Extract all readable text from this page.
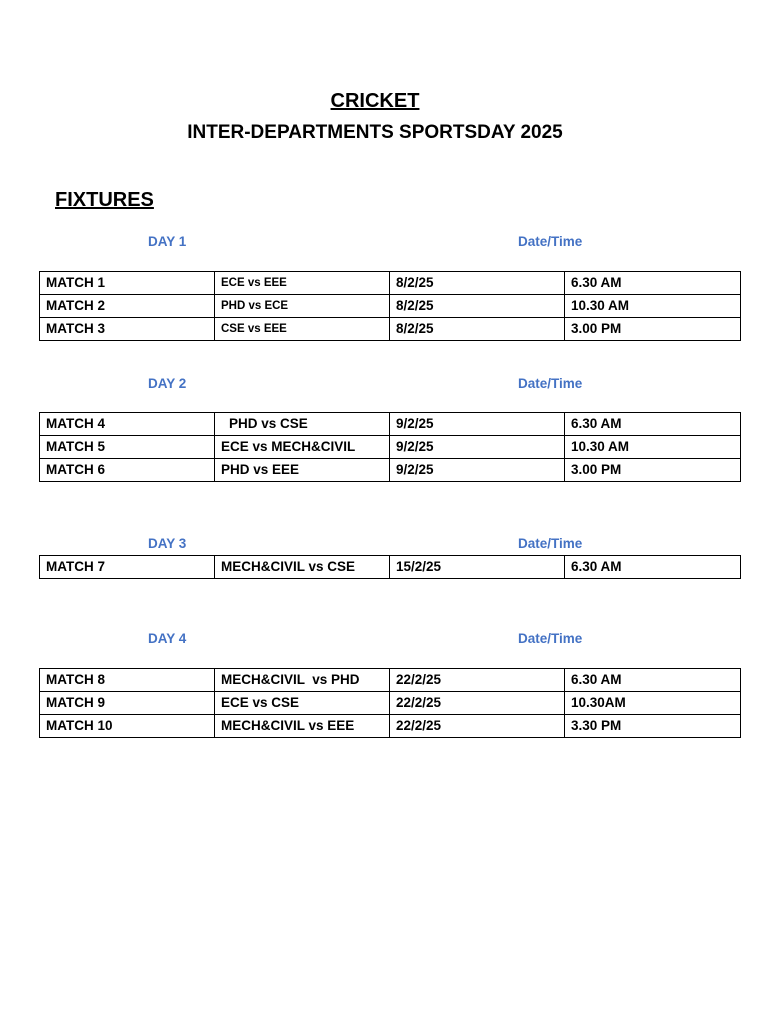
CRICKET
INTER-DEPARTMENTS SPORTSDAY 2025
FIXTURES
DAY 1	Date/Time
MATCH 1	ECE vs EEE	8/2/25	6.30 AM
MATCH 2	PHD vs ECE	8/2/25	10.30 AM
MATCH 3	CSE vs EEE	8/2/25	3.00 PM
DAY 2	Date/Time
MATCH 4	PHD vs CSE	9/2/25	6.30 AM
MATCH 5	ECE vs MECH&CIVIL	9/2/25	10.30 AM
MATCH 6	PHD vs EEE	9/2/25	3.00 PM
DAY 3	Date/Time
MATCH 7	MECH&CIVIL vs CSE	15/2/25	6.30 AM
DAY 4	Date/Time
MATCH 8	MECH&CIVIL  vs PHD	22/2/25	6.30 AM
MATCH 9	ECE vs CSE	22/2/25	10.30AM
MATCH 10	MECH&CIVIL vs EEE	22/2/25	3.30 PM
